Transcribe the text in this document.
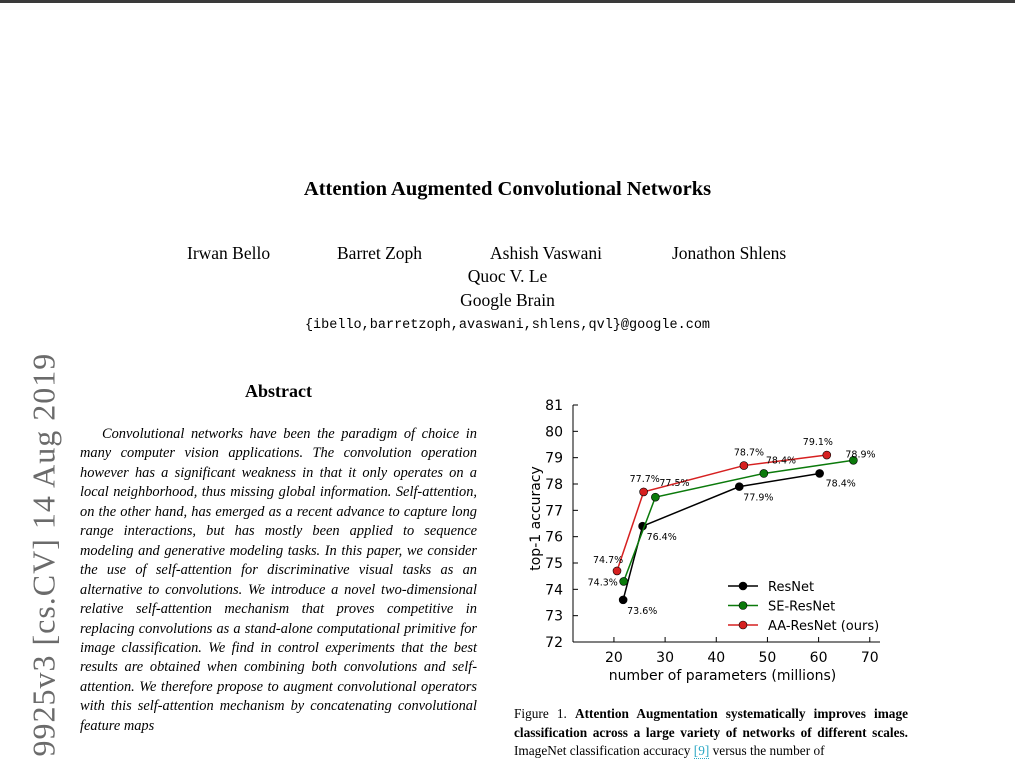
Attention Augmented Convolutional Networks
Irwan Bello	Barret Zoph	Ashish Vaswani	Jonathon Shlens
Quoc V. Le
Google Brain
{ibello,barretzoph,avaswani,shlens,qvl}@google.com
9925v3 [cs.CV] 14 Aug 2019	Abstract

Convolutional networks have been the paradigm of choice in many computer vision applications. The convolution operation however has a significant weakness in that it only operates on a local neighborhood, thus missing global information. Self-attention, on the other hand, has emerged as a recent advance to capture long range interactions, but has mostly been applied to sequence modeling and generative modeling tasks. In this paper, we consider the use of self-attention for discriminative visual tasks as an alternative to convolutions. We introduce a novel two-dimensional relative self-attention mechanism that proves competitive in replacing convolutions as a stand-alone computational primitive for image classification. We find in control experiments that the best results are obtained when combining both convolutions and self-attention. We therefore propose to augment convolutional operators with this self-attention mechanism by concatenating convolutional feature maps

72
73
74
75
76
77
78
79
80
81
20 30 40 50 60 70
number of parameters (millions)
top-1 accuracy
73.6%
76.4%
77.9%
78.4%
74.3%
77.5%
78.4%
78.9%
74.7%
77.7%
78.7%
79.1%
ResNet
SE-ResNet
AA-ResNet (ours)

Figure 1. Attention Augmentation systematically improves image classification across a large variety of networks of different scales. ImageNet classification accuracy [9] versus the number of
